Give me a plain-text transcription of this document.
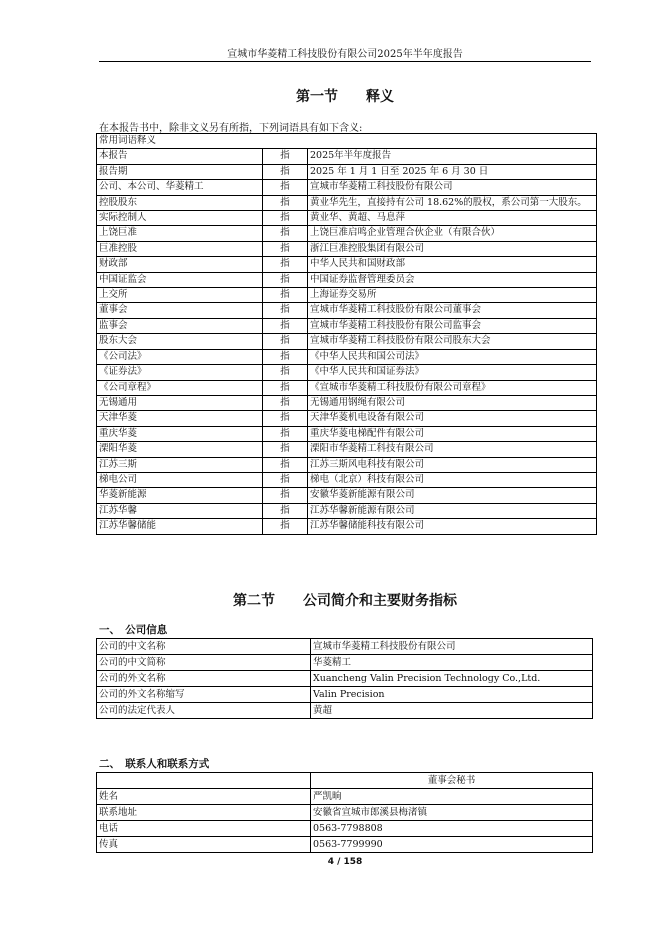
宣城市华菱精工科技股份有限公司2025年半年度报告
第一节　　释义
在本报告书中，除非文义另有所指，下列词语具有如下含义:
常用词语释义		
本报告	指	2025年半年度报告
报告期	指	2025 年 1 月 1 日至 2025 年 6 月 30 日
公司、本公司、华菱精工	指	宣城市华菱精工科技股份有限公司
控股股东	指	黄业华先生，直接持有公司 18.62%的股权，系公司第一大股东。
实际控制人	指	黄业华、黄超、马息萍
上饶巨准	指	上饶巨准启鸣企业管理合伙企业（有限合伙）
巨准控股	指	浙江巨准控股集团有限公司
财政部	指	中华人民共和国财政部
中国证监会	指	中国证券监督管理委员会
上交所	指	上海证券交易所
董事会	指	宣城市华菱精工科技股份有限公司董事会
监事会	指	宣城市华菱精工科技股份有限公司监事会
股东大会	指	宣城市华菱精工科技股份有限公司股东大会
《公司法》	指	《中华人民共和国公司法》
《证券法》	指	《中华人民共和国证券法》
《公司章程》	指	《宣城市华菱精工科技股份有限公司章程》
无锡通用	指	无锡通用钢绳有限公司
天津华菱	指	天津华菱机电设备有限公司
重庆华菱	指	重庆华菱电梯配件有限公司
溧阳华菱	指	溧阳市华菱精工科技有限公司
江苏三斯	指	江苏三斯风电科技有限公司
梯电公司	指	梯电（北京）科技有限公司
华菱新能源	指	安徽华菱新能源有限公司
江苏华馨	指	江苏华馨新能源有限公司
江苏华馨储能	指	江苏华馨储能科技有限公司
第二节　　公司简介和主要财务指标
一、　公司信息
公司的中文名称	宣城市华菱精工科技股份有限公司
公司的中文简称	华菱精工
公司的外文名称	Xuancheng Valin Precision Technology Co.,Ltd.
公司的外文名称缩写	Valin Precision
公司的法定代表人	黄超
二、　联系人和联系方式
	董事会秘书
姓名	严凯晌
联系地址	安徽省宣城市郎溪县梅渚镇
电话	0563-7798808
传真	0563-7799990
4 / 158
